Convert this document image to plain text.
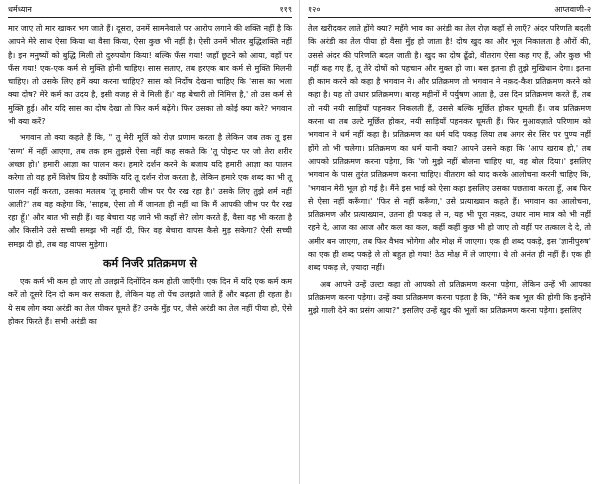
धर्मध्यान	११९

मार जाए तो मार खाकर भग जाते हैं। दूसरा, उनमें सामनेवाले पर आरोप लगाने की शक्ति नहीं है कि आपने मेरे साथ ऐसा किया था वैसा किया, ऐसा कुछ भी नहीं है। ऐसी उनमें भीतर बुद्धिशक्ति नहीं है। इन मनुष्यों को बुद्धि मिली तो दुरुपयोग किया! बल्कि फँस गया! जहाँ छूटने को आया, वहाँ पर फँस गया! एक-एक कर्म से मुक्ति होनी चाहिए। सास सताए, तब हरएक बार कर्म से मुक्ति मिलनी चाहिए। तो उसके लिए हमें क्या करना चाहिए? सास को निर्दोष देखना चाहिए कि 'सास का भला क्या दोष? मेरे कर्म का उदय है, इसी वजह से वे मिली हैं।' वह बेचारी तो निमित्त है,' तो उस कर्म से मुक्ति हुई। और यदि सास का दोष देखा तो फिर कर्म बढ़ेंगे। फिर उसका तो कोई क्या करे? भगवान भी क्या करें?

भगवान तो क्या कहते हैं कि, " तू मेरी मूर्ति को रोज़ प्रणाम करता है लेकिन जब तक तू इस 'सग्ग' में नहीं आएगा, तब तक हम तुझसे ऐसा नहीं कह सकते कि 'तू पोइन्ट पर जो तेरा शरीर अच्छा हो।' हमारी आज्ञा का पालन कर। हमारे दर्शन करने के बजाय यदि हमारी आज्ञा का पालन करेगा तो वह हमें विशेष प्रिय है क्योंकि यदि तू दर्शन रोज करता है, लेकिन हमारे एक शब्द का भी तू पालन नहीं करता, उसका मतलब 'तू हमारी जीभ पर पैर रख रहा है।' उसके लिए तुझे शर्म नहीं आती?' तब वह कहेगा कि, 'साहब, ऐसा तो मैं जानता ही नहीं था कि मैं आपकी जीभ पर पैर रख रहा हूँ।' और बात भी सही हैं। वह बेचारा यह जाने भी कहाँ से? लोग करते हैं, वैसा वह भी करता है और किसीने उसे सच्ची समझ भी नहीं दी, फिर वह बेचारा वापस कैसे मुड़ सकेगा? ऐसी सच्ची समझ दी हो, तब वह वापस मुड़ेगा।

कर्म निर्जरे प्रतिक्रमण से

एक कर्म भी कम हो जाए तो उलझनें दिनोंदिन कम होती जाएँगी। एक दिन में यदि एक कर्म कम करें तो दूसरे दिन दो कम कर सकता है, लेकिन यह तो पेंच उलझते जाते हैं और बढ़ता ही रहता है। ये सब लोग क्या अरंडी का तेल पीकर घूमते हैं? उनके मुँह पर, जैसे अरंडी का तेल नहीं पीया हो, ऐसे होकर फिरते हैं। सभी अरंडी का

१२०	आप्तवाणी-२

तेल खरीदकर लाते होंगे क्या? महँगे भाव का अरंडी का तेल रोज़ कहाँ से लाएँ? अंदर परिणति बदली कि अरंडी का तेल पीया हो वैसा मुँह हो जाता है! दोष खुद का और भूल निकालता है औरों की, उससे अंदर की परिणति बदल जाती है। खुद का दोष ढूँढो, वीतराग ऐसा कह गए हैं, और कुछ भी नहीं कह गए हैं, तू तेरे दोषों को पहचान और मुक्त हो जा। बस इतना ही तुझे मुखिधान देगा। इतना ही काम करने को कहा है भगवान ने। और प्रतिक्रमण तो भगवान ने नक़द-कैश प्रतिक्रमण करने को कहा है। यह तो उधार प्रतिक्रमण। बारह महीनों में पर्युषण आता है, उस दिन प्रतिक्रमण करते हैं, तब तो नयी नयी साड़ियाँ पहनकर निकलती हैं, उससे बल्कि मूर्छित होकर घूमती हैं। जब प्रतिक्रमण करना था तब उल्टे मूर्छित होकर, नयी साड़ियाँ पहनकर घूमती हैं। फिर मुआवज़ाते परिणाम को भगवान ने धर्म नहीं कहा है। प्रतिक्रमण का धर्म यदि पकड़ लिया तब अगर सेर सिर पर पुण्य नहीं होंगे तो भी चलेगा। प्रतिक्रमण का धर्म यानी क्या? आपने उसने कहा कि 'आप खराब हो,' तब आपको प्रतिक्रमण करना पड़ेगा, कि 'जो मुझे नहीं बोलना चाहिए था, वह बोल दिया।' इसलिए भगवान के पास तुरंत प्रतिक्रमण करना चाहिए। वीतराग को याद करके आलोचना करनी चाहिए कि, 'भगवान मेरी भूल हो गई है। मैंने इस भाई को ऐसा कहा इसलिए उसका पछतावा करता हूँ, अब फिर से ऐसा नहीं करूँगा।' 'फिर से नहीं करूँगा,' उसे प्रत्याख्यान कहते हैं। भगवान का आलोचना, प्रतिक्रमण और प्रत्याख्यान, उतना ही पकड़ ले न, यह भी पूरा नक़द, उधार नाम मात्र को भी नहीं रहने दे, आज का आज और कल का कल, कहीं कहीं कुछ भी हो जाए तो वहीं पर तत्काल दे दे, तो अमीर बन जाएगा, तब फिर वैभव भोगेगा और मोक्ष में जाएगा। एक ही शब्द पकड़े, इस 'ज्ञानीपुरुष' का एक ही शब्द पकड़े ले तो बहुत हो गया! ठेठ मोक्ष में ले जाएगा। ये तो अनंत ही नहीं हैं। एक ही शब्द पकड़ ले, ज़्यादा नहीं।

अब आपने उन्हें उल्टा कहा तो आपको तो प्रतिक्रमण करना पड़ेगा, लेकिन उन्हें भी आपका प्रतिक्रमण करना पड़ेगा। उन्हें क्या प्रतिक्रमण करना पड़ता है कि, "मैंने कब भूल की होगी कि इन्होंने मुझे गाली देने का प्रसंग आया?" इसलिए उन्हें खुद की भूलों का प्रतिक्रमण करना पड़ेगा। इसलिए
